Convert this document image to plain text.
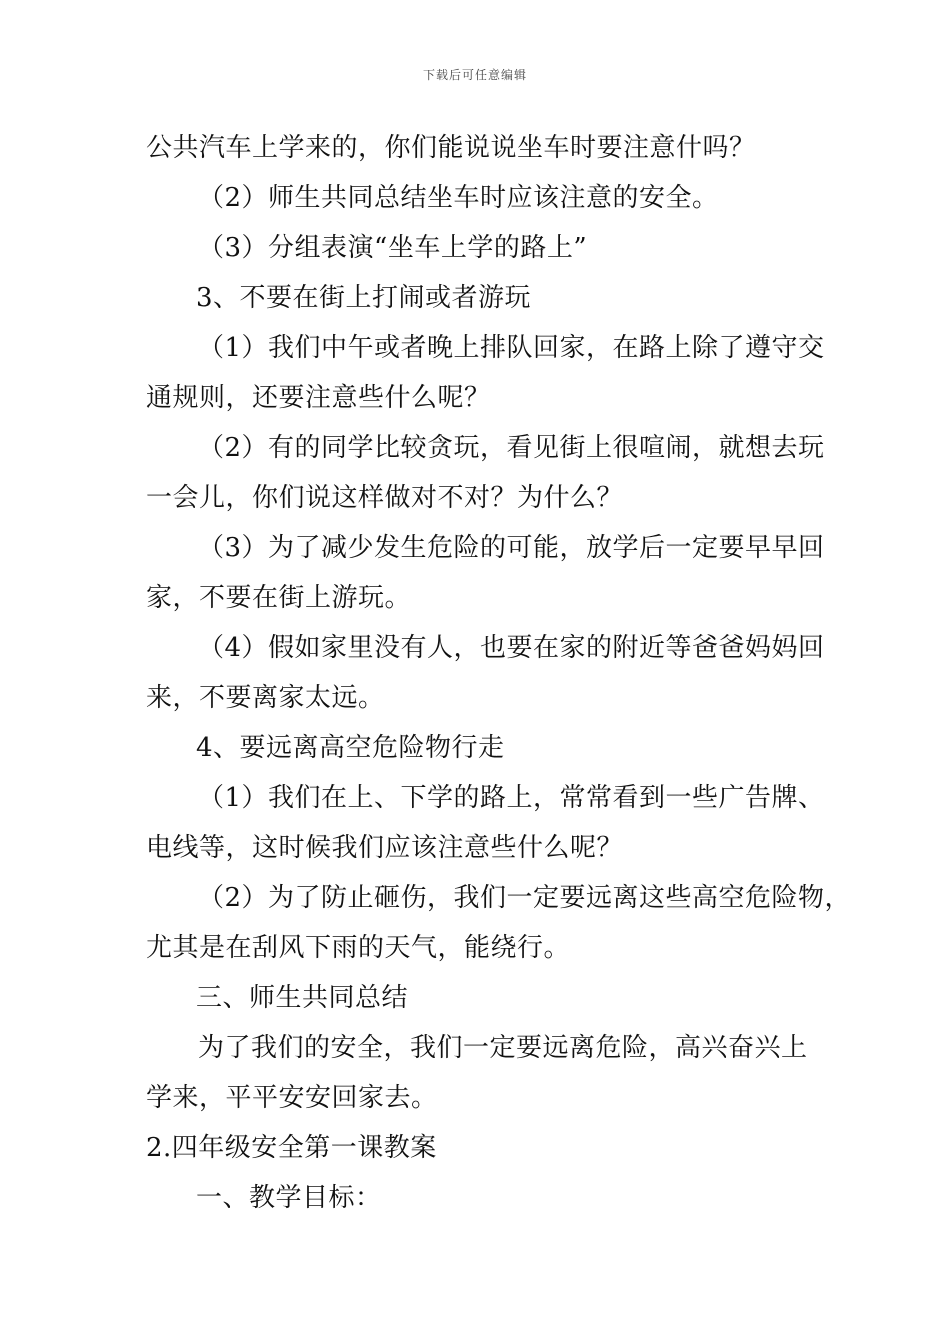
下载后可任意编辑
公共汽车上学来的，你们能说说坐车时要注意什吗？
（2）师生共同总结坐车时应该注意的安全。
（3）分组表演“坐车上学的路上”
3、不要在街上打闹或者游玩
（1）我们中午或者晚上排队回家，在路上除了遵守交
通规则，还要注意些什么呢？
（2）有的同学比较贪玩，看见街上很喧闹，就想去玩
一会儿，你们说这样做对不对？为什么？
（3）为了减少发生危险的可能，放学后一定要早早回
家，不要在街上游玩。
（4）假如家里没有人，也要在家的附近等爸爸妈妈回
来，不要离家太远。
4、要远离高空危险物行走
（1）我们在上、下学的路上，常常看到一些广告牌、
电线等，这时候我们应该注意些什么呢？
（2）为了防止砸伤，我们一定要远离这些高空危险物，
尤其是在刮风下雨的天气，能绕行。
三、师生共同总结
为了我们的安全，我们一定要远离危险，高兴奋兴上
学来，平平安安回家去。
2.四年级安全第一课教案
一、教学目标：
